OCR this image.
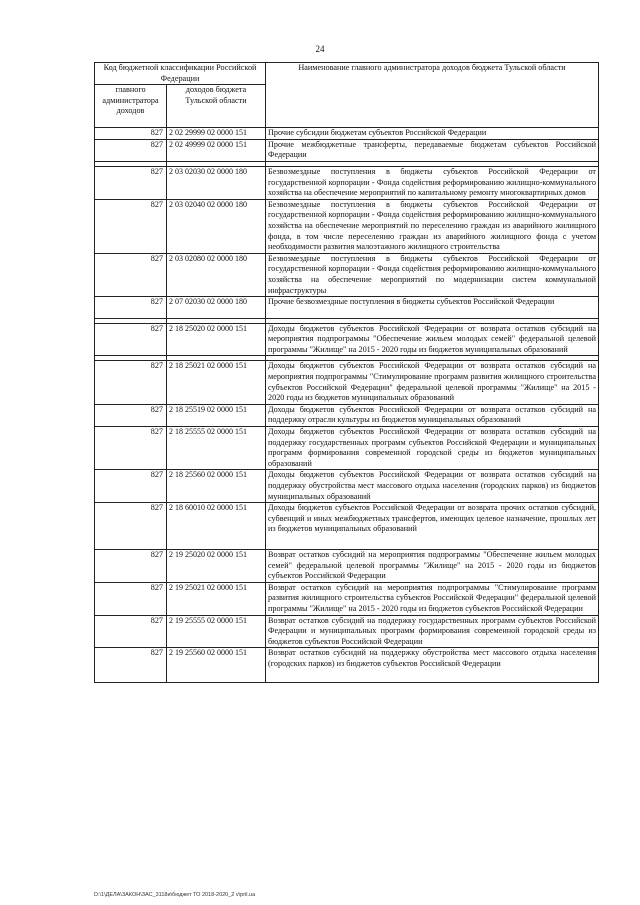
24
Код бюджетной классификации Российской Федерации		Наименование главного администратора доходов бюджета Тульской области
главного администратора доходов	доходов бюджета Тульской области	
827	2 02 29999 02 0000 151	Прочие субсидии бюджетам субъектов Российской Федерации
827	2 02 49999 02 0000 151	Прочие межбюджетные трансферты, передаваемые бюджетам субъектов Российской Федерации

827	2 03 02030 02 0000 180	Безвозмездные поступления в бюджеты субъектов Российской Федерации от государственной корпорации - Фонда содействия реформированию жилищно-коммунального хозяйства на обеспечение мероприятий по капитальному ремонту многоквартирных домов
827	2 03 02040 02 0000 180	Безвозмездные поступления в бюджеты субъектов Российской Федерации от государственной корпорации - Фонда содействия реформированию жилищно-коммунального хозяйства на обеспечение мероприятий по переселению граждан из аварийного жилищного фонда, в том числе переселению граждан из аварийного жилищного фонда с учетом необходимости развития малоэтажного жилищного строительства
827	2 03 02080 02 0000 180	Безвозмездные поступления в бюджеты субъектов Российской Федерации от государственной корпорации - Фонда содействия реформированию жилищно-коммунального хозяйства на обеспечение мероприятий по модернизации систем коммунальной инфраструктуры
827	2 07 02030 02 0000 180	Прочие безвозмездные поступления в бюджеты субъектов Российской Федерации

827	2 18 25020 02 0000 151	Доходы бюджетов субъектов Российской Федерации от возврата остатков субсидий на мероприятия подпрограммы "Обеспечение жильем молодых семей" федеральной целевой программы "Жилище" на 2015 - 2020 годы из бюджетов муниципальных образований

827	2 18 25021 02 0000 151	Доходы бюджетов субъектов Российской Федерации от возврата остатков субсидий на мероприятия подпрограммы "Стимулирование программ развития жилищного строительства субъектов Российской Федерации" федеральной целевой программы "Жилище" на 2015 - 2020 годы из бюджетов муниципальных образований
827	2 18 25519 02 0000 151	Доходы бюджетов субъектов Российской Федерации от возврата остатков субсидий на поддержку отрасли культуры из бюджетов муниципальных образований
827	2 18 25555 02 0000 151	Доходы бюджетов субъектов Российской Федерации от возврата остатков субсидий на поддержку государственных программ субъектов Российской Федерации и муниципальных программ формирования современной городской среды из бюджетов муниципальных образований
827	2 18 25560 02 0000 151	Доходы бюджетов субъектов Российской Федерации от возврата остатков субсидий на поддержку обустройства мест массового отдыха населения (городских парков) из бюджетов муниципальных образований
827	2 18 60010 02 0000 151	Доходы бюджетов субъектов Российской Федерации от возврата прочих остатков субсидий, субвенций и иных межбюджетных трансфертов, имеющих целевое назначение, прошлых лет из бюджетов муниципальных образований
827	2 19 25020 02 0000 151	Возврат остатков субсидий на мероприятия подпрограммы "Обеспечение жильем молодых семей" федеральной целевой программы "Жилище" на 2015 - 2020 годы из бюджетов субъектов Российской Федерации
827	2 19 25021 02 0000 151	Возврат остатков субсидий на мероприятия подпрограммы "Стимулирование программ развития жилищного строительства субъектов Российской Федерации" федеральной целевой программы "Жилище" на 2015 - 2020 годы из бюджетов субъектов Российской Федерации
827	2 19 25555 02 0000 151	Возврат остатков субсидий на поддержку государственных программ субъектов Российской Федерации и муниципальных программ формирования современной городской среды из бюджетов субъектов Российской Федерации
827	2 19 25560 02 0000 151	Возврат остатков субсидий на поддержку обустройства мест массового отдыха населения (городских парков) из бюджетов субъектов Российской Федерации
D:\1\ДЕЛА\ЗАКОН\ЗАС_3118и\бюджет ТО 2018-2020_2 v\pril.ua
